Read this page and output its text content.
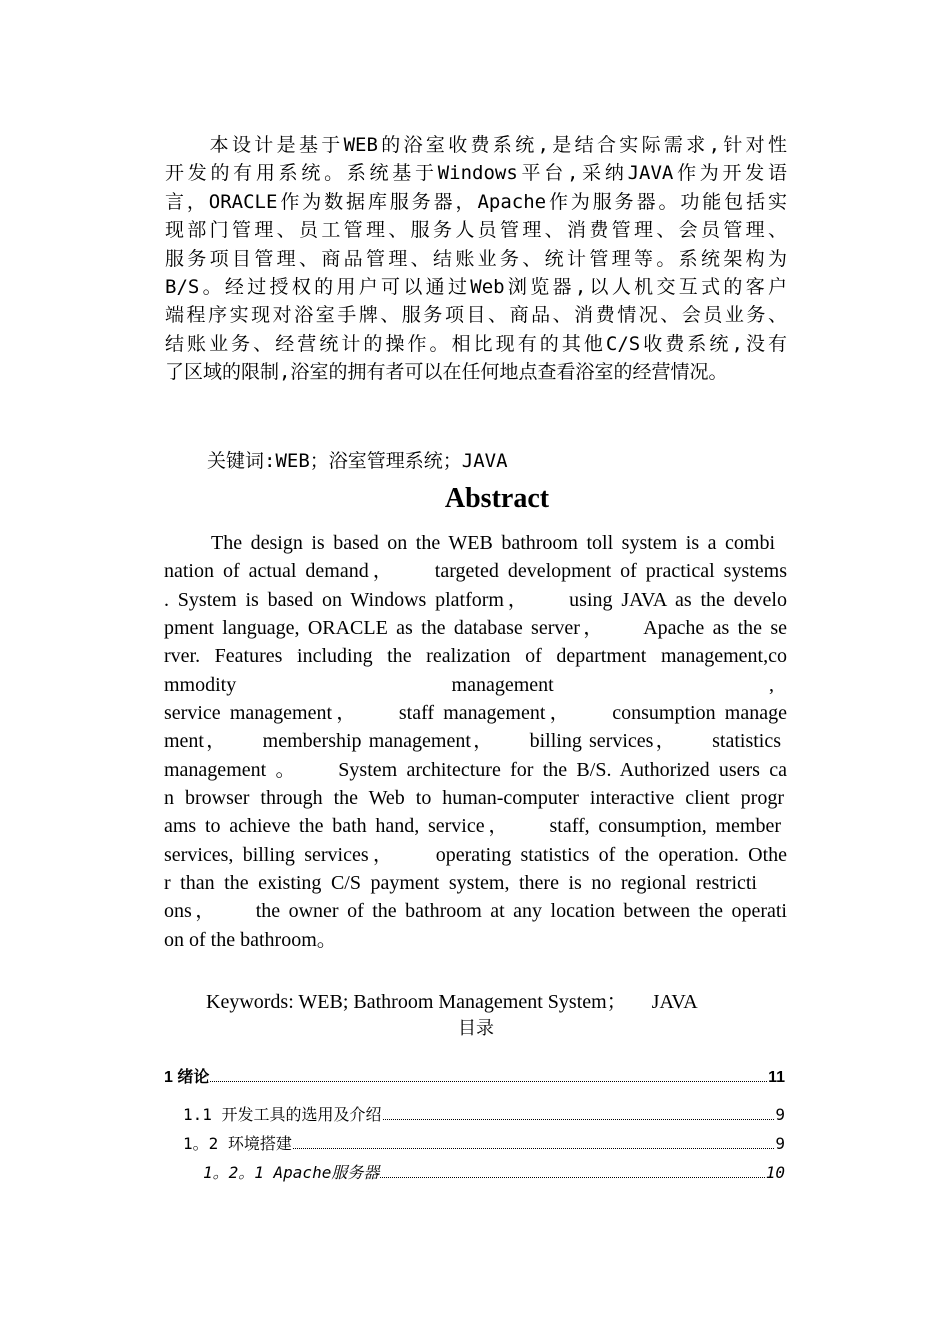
　　本设计是基于WEB的浴室收费系统,是结合实际需求,针对性
开发的有用系统。系统基于Windows平台,采纳JAVA作为开发语
言，ORACLE作为数据库服务器，Apache作为服务器。功能包括实
现部门管理、员工管理、服务人员管理、消费管理、会员管理、
服务项目管理、商品管理、结账业务、统计管理等。系统架构为
B/S。经过授权的用户可以通过Web浏览器,以人机交互式的客户
端程序实现对浴室手牌、服务项目、商品、消费情况、会员业务、
结账业务、经营统计的操作。相比现有的其他C/S收费系统,没有
了区域的限制,浴室的拥有者可以在任何地点查看浴室的经营情况。
关键词:WEB；浴室管理系统；JAVA
Abstract
　　The design is based on the WEB bathroom toll system is a combi
nation of actual demand，　　targeted development of practical systems
. System is based on Windows platform，　　using JAVA as the develo
pment language, ORACLE as the database server，　　Apache as the se
rver. Features including the realization of department management,co
mmodity　　　　　　　　management　　　　　　　　,
service management，　　staff management，　　consumption manage
ment，　　membership management，　　billing services，　　statistics
management 。　　System architecture for the B/S. Authorized users ca
n browser through the Web to human-computer interactive client progr
ams to achieve the bath hand, service，　　staff, consumption, member
services, billing services，　　operating statistics of the operation. Othe
r than the existing C/S payment system, there is no regional restricti
ons，　　the owner of the bathroom at any location between the operati
on of the bathroom。
Keywords: WEB; Bathroom Management System；     JAVA
目录
1 绪论	11
1.1 开发工具的选用及介绍	9
1。2 环境搭建	9
1。2。1 Apache服务器	10
